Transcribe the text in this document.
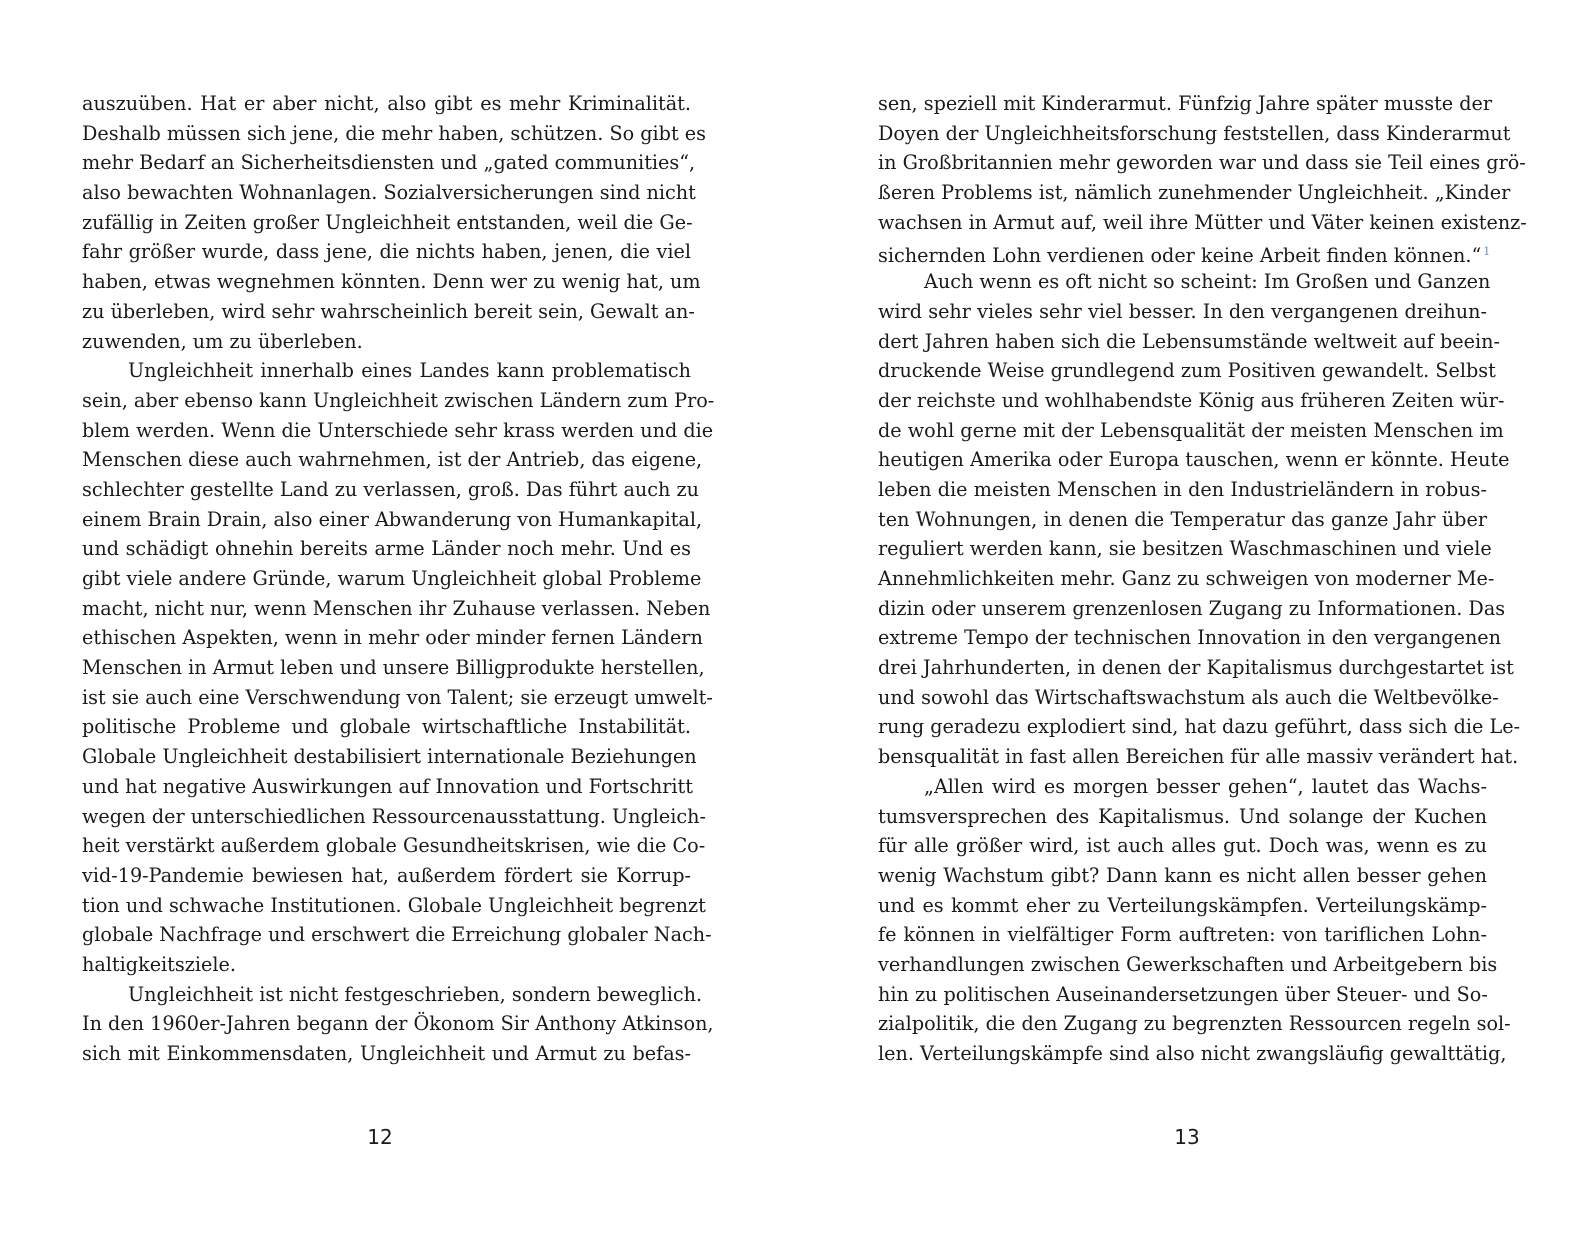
auszuüben. Hat er aber nicht, also gibt es mehr Kriminalität.
Deshalb müssen sich jene, die mehr haben, schützen. So gibt es
mehr Bedarf an Sicherheitsdiensten und „gated communities“,
also bewachten Wohnanlagen. Sozialversicherungen sind nicht
zufällig in Zeiten großer Ungleichheit entstanden, weil die Ge-
fahr größer wurde, dass jene, die nichts haben, jenen, die viel
haben, etwas wegnehmen könnten. Denn wer zu wenig hat, um
zu überleben, wird sehr wahrscheinlich bereit sein, Gewalt an-
zuwenden, um zu überleben.
Ungleichheit innerhalb eines Landes kann problematisch
sein, aber ebenso kann Ungleichheit zwischen Ländern zum Pro-
blem werden. Wenn die Unterschiede sehr krass werden und die
Menschen diese auch wahrnehmen, ist der Antrieb, das eigene,
schlechter gestellte Land zu verlassen, groß. Das führt auch zu
einem Brain Drain, also einer Abwanderung von Humankapital,
und schädigt ohnehin bereits arme Länder noch mehr. Und es
gibt viele andere Gründe, warum Ungleichheit global Probleme
macht, nicht nur, wenn Menschen ihr Zuhause verlassen. Neben
ethischen Aspekten, wenn in mehr oder minder fernen Ländern
Menschen in Armut leben und unsere Billigprodukte herstellen,
ist sie auch eine Verschwendung von Talent; sie erzeugt umwelt-
politische Probleme und globale wirtschaftliche Instabilität.
Globale Ungleichheit destabilisiert internationale Beziehungen
und hat negative Auswirkungen auf Innovation und Fortschritt
wegen der unterschiedlichen Ressourcenausstattung. Ungleich-
heit verstärkt außerdem globale Gesundheitskrisen, wie die Co-
vid-19-Pandemie bewiesen hat, außerdem fördert sie Korrup-
tion und schwache Institutionen. Globale Ungleichheit begrenzt
globale Nachfrage und erschwert die Erreichung globaler Nach-
haltigkeitsziele.
Ungleichheit ist nicht festgeschrieben, sondern beweglich.
In den 1960er-Jahren begann der Ökonom Sir Anthony Atkinson,
sich mit Einkommensdaten, Ungleichheit und Armut zu befas-
sen, speziell mit Kinderarmut. Fünfzig Jahre später musste der
Doyen der Ungleichheitsforschung feststellen, dass Kinderarmut
in Großbritannien mehr geworden war und dass sie Teil eines grö-
ßeren Problems ist, nämlich zunehmender Ungleichheit. „Kinder
wachsen in Armut auf, weil ihre Mütter und Väter keinen existenz-
sichernden Lohn verdienen oder keine Arbeit finden können.“ $^1$
Auch wenn es oft nicht so scheint: Im Großen und Ganzen
wird sehr vieles sehr viel besser. In den vergangenen dreihun-
dert Jahren haben sich die Lebensumstände weltweit auf beein-
druckende Weise grundlegend zum Positiven gewandelt. Selbst
der reichste und wohlhabendste König aus früheren Zeiten wür-
de wohl gerne mit der Lebensqualität der meisten Menschen im
heutigen Amerika oder Europa tauschen, wenn er könnte. Heute
leben die meisten Menschen in den Industrieländern in robus-
ten Wohnungen, in denen die Temperatur das ganze Jahr über
reguliert werden kann, sie besitzen Waschmaschinen und viele
Annehmlichkeiten mehr. Ganz zu schweigen von moderner Me-
dizin oder unserem grenzenlosen Zugang zu Informationen. Das
extreme Tempo der technischen Innovation in den vergangenen
drei Jahrhunderten, in denen der Kapitalismus durchgestartet ist
und sowohl das Wirtschaftswachstum als auch die Weltbevölke-
rung geradezu explodiert sind, hat dazu geführt, dass sich die Le-
bensqualität in fast allen Bereichen für alle massiv verändert hat.
„Allen wird es morgen besser gehen“, lautet das Wachs-
tumsversprechen des Kapitalismus. Und solange der Kuchen
für alle größer wird, ist auch alles gut. Doch was, wenn es zu
wenig Wachstum gibt? Dann kann es nicht allen besser gehen
und es kommt eher zu Verteilungskämpfen. Verteilungskämp-
fe können in vielfältiger Form auftreten: von tariflichen Lohn-
verhandlungen zwischen Gewerkschaften und Arbeitgebern bis
hin zu politischen Auseinandersetzungen über Steuer- und So-
zialpolitik, die den Zugang zu begrenzten Ressourcen regeln sol-
len. Verteilungskämpfe sind also nicht zwangsläufig gewalttätig,
12	13
